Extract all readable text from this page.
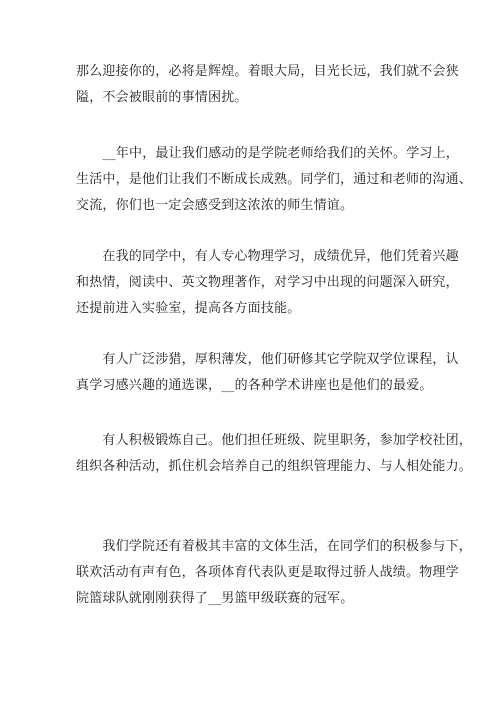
那么迎接你的，必将是辉煌。着眼大局，目光长远，我们就不会狭
隘，不会被眼前的事情困扰。
　　__年中，最让我们感动的是学院老师给我们的关怀。学习上，
生活中，是他们让我们不断成长成熟。同学们，通过和老师的沟通、
交流，你们也一定会感受到这浓浓的师生情谊。
　　在我的同学中，有人专心物理学习，成绩优异，他们凭着兴趣
和热情，阅读中、英文物理著作，对学习中出现的问题深入研究，
还提前进入实验室，提高各方面技能。
　　有人广泛涉猎，厚积薄发，他们研修其它学院双学位课程，认
真学习感兴趣的通选课，__的各种学术讲座也是他们的最爱。
　　有人积极锻炼自己。他们担任班级、院里职务，参加学校社团，
组织各种活动，抓住机会培养自己的组织管理能力、与人相处能力。
　　我们学院还有着极其丰富的文体生活，在同学们的积极参与下，
联欢活动有声有色，各项体育代表队更是取得过骄人战绩。物理学
院篮球队就刚刚获得了__男篮甲级联赛的冠军。
